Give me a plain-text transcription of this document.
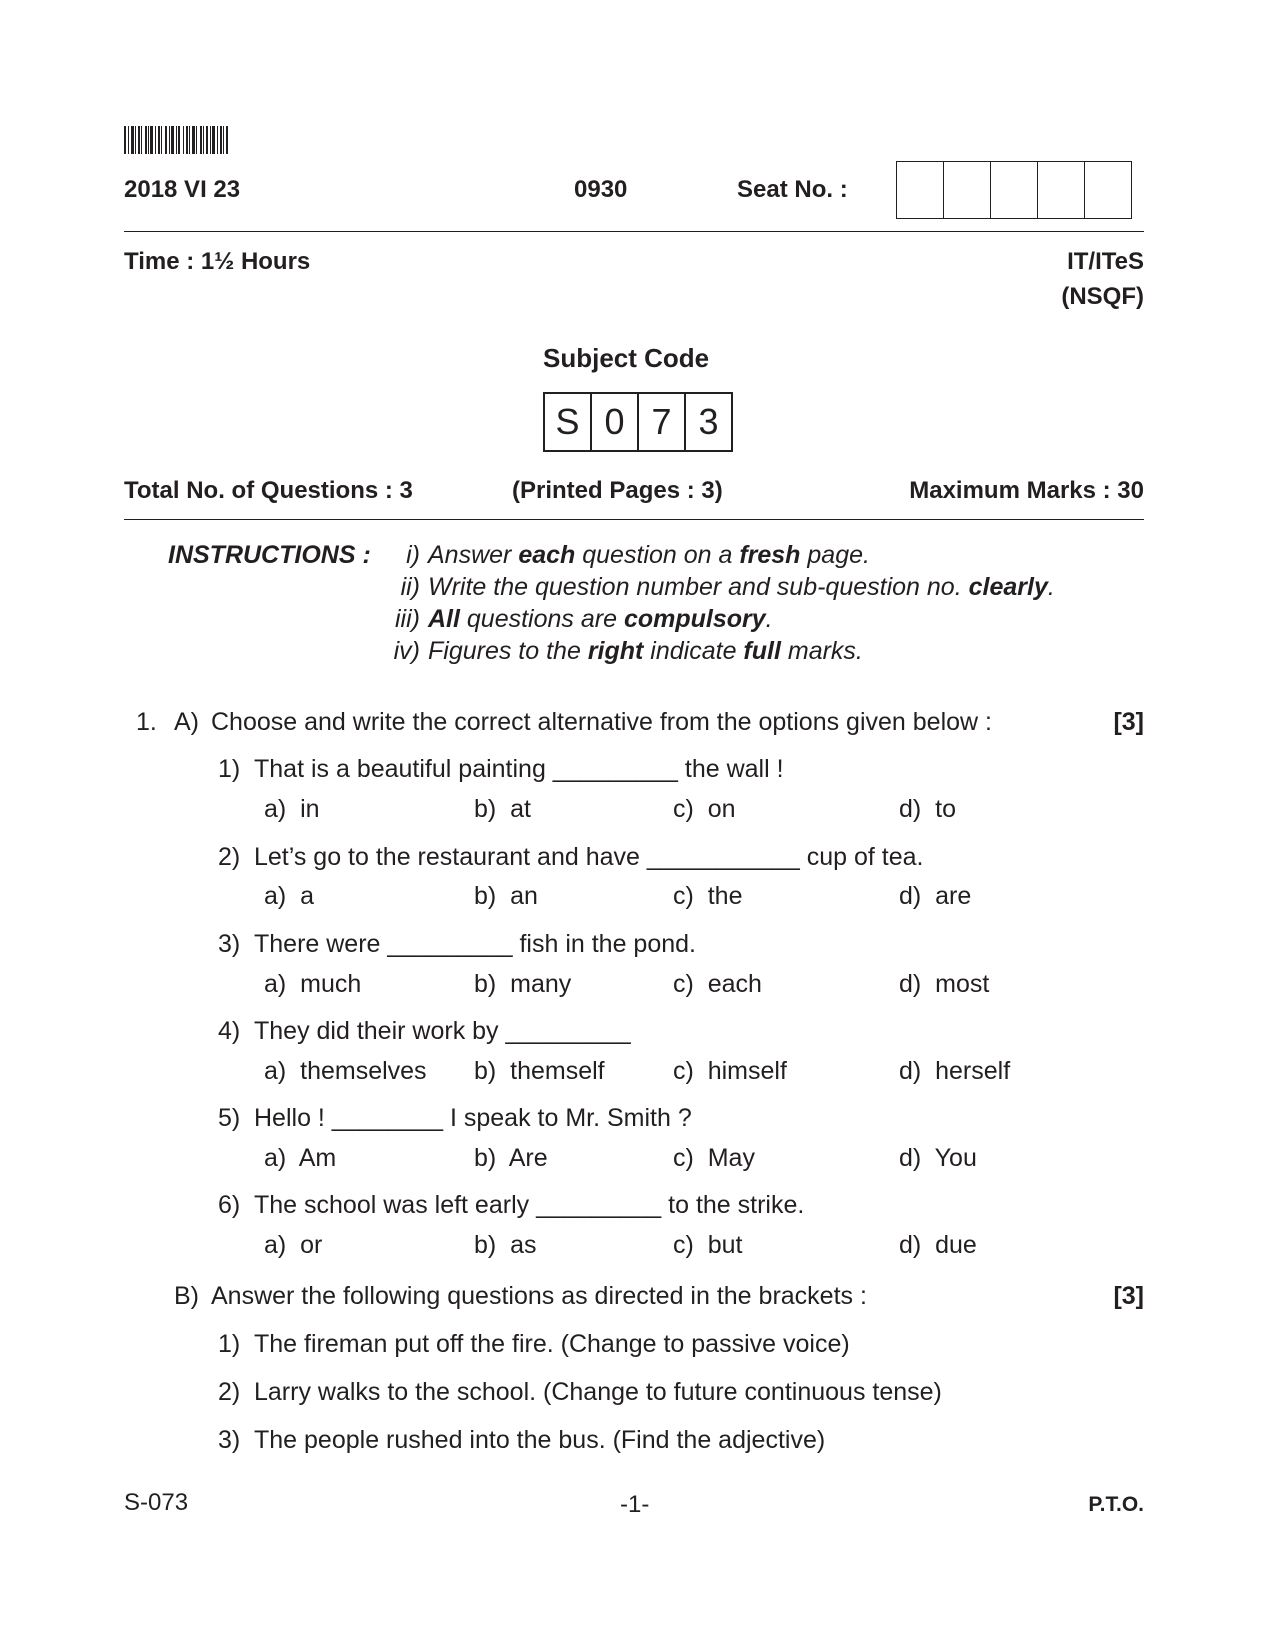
2018 VI 23	0930	Seat No. :
Time : 1½ Hours	IT/ITeS
(NSQF)
Subject Code
S 0 7 3
Total No. of Questions : 3	(Printed Pages : 3)	Maximum Marks : 30
INSTRUCTIONS :	i) Answer each question on a fresh page.
ii) Write the question number and sub-question no. clearly.
iii) All questions are compulsory.
iv) Figures to the right indicate full marks.
1. A) Choose and write the correct alternative from the options given below :	[3]
1) That is a beautiful painting _________ the wall !
a)  in	b)  at	c)  on	d)  to
2) Let’s go to the restaurant and have ___________ cup of tea.
a)  a	b)  an	c)  the	d)  are
3) There were _________ fish in the pond.
a)  much	b)  many	c)  each	d)  most
4) They did their work by _________
a)  themselves b)  themself	c)  himself	d)  herself
5) Hello ! ________ I speak to Mr. Smith ?
a)  Am	b)  Are	c)  May	d)  You
6) The school was left early _________ to the strike.
a)  or	b)  as	c)  but	d)  due
B) Answer the following questions as directed in the brackets :	[3]
1) The fireman put off the fire. (Change to passive voice)
2) Larry walks to the school. (Change to future continuous tense)
3) The people rushed into the bus. (Find the adjective)
S-073	-1-	P.T.O.
